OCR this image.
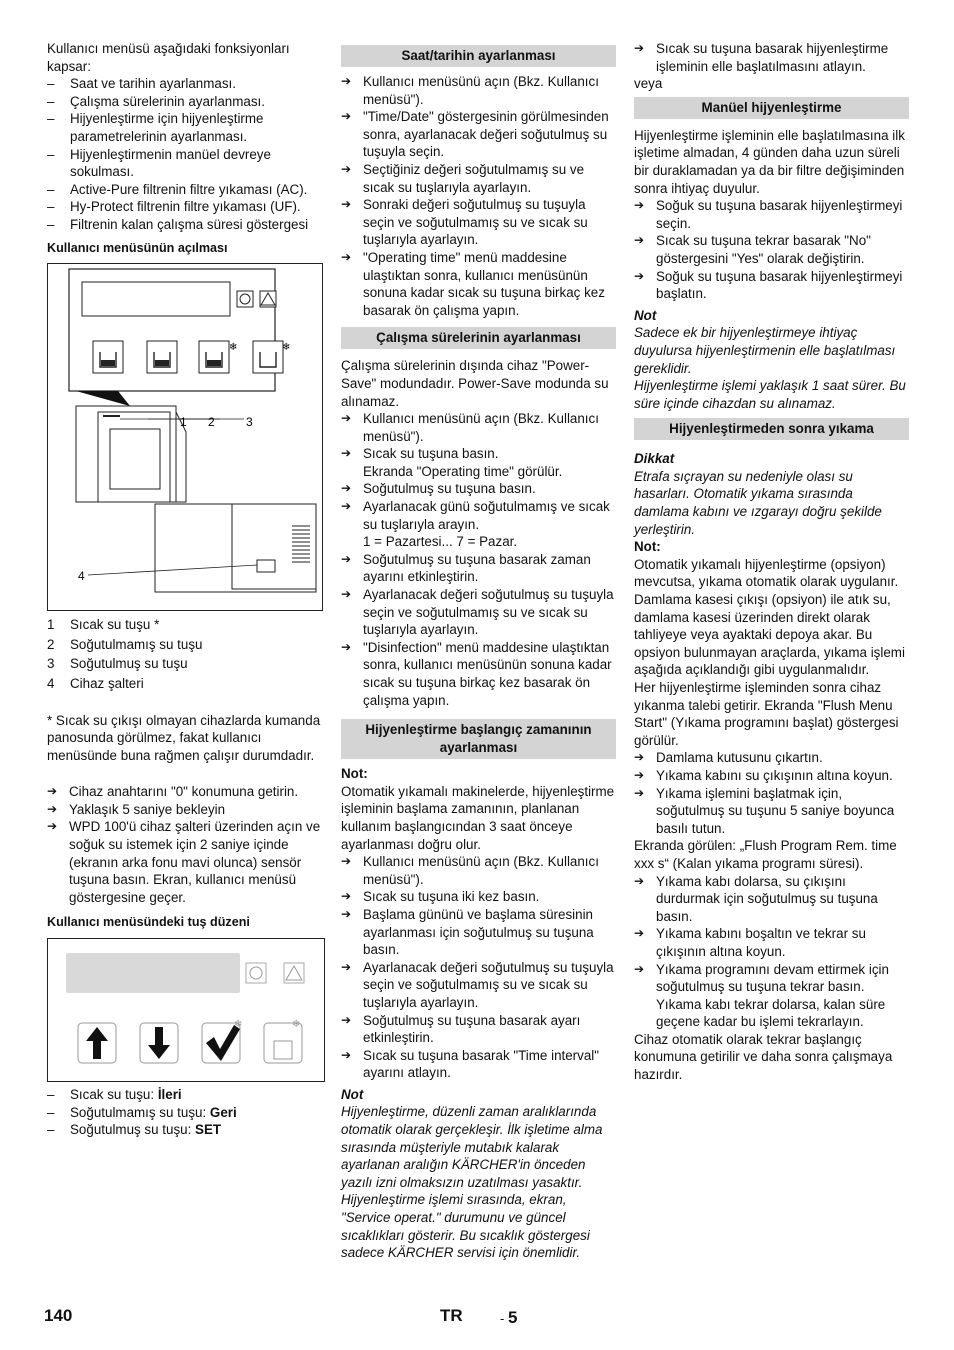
Kullanıcı menüsü aşağıdaki fonksiyonları kapsar:

– Saat ve tarihin ayarlanması.

– Çalışma sürelerinin ayarlanması.

– Hijyenleştirme için hijyenleştirme parametrelerinin ayarlanması.

– Hijyenleştirmenin manüel devreye sokulması.

– Active-Pure filtrenin filtre yıkaması (AC).

– Hy-Protect filtrenin filtre yıkaması (UF).

– Filtrenin kalan çalışma süresi göstergesi

Kullanıcı menüsünün açılması

❄	❄
1 2	3
4
1	Sıcak su tuşu *
2	Soğutulmamış su tuşu
3	Soğutulmuş su tuşu
4	Cihaz şalteri

* Sıcak su çıkışı olmayan cihazlarda kumanda panosunda görülmez, fakat kullanıcı menüsünde buna rağmen çalışır durumdadır.

➔ Cihaz anahtarını "0" konumuna getirin.

➔ Yaklaşık 5 saniye bekleyin

➔ WPD 100'ü cihaz şalteri üzerinden açın ve soğuk su istemek için 2 saniye içinde (ekranın arka fonu mavi olunca) sensör tuşuna basın. Ekran, kullanıcı menüsü göstergesine geçer.

Kullanıcı menüsündeki tuş düzeni

❄	❄

– Sıcak su tuşu: İleri

– Soğutulmamış su tuşu: Geri

– Soğutulmuş su tuşu: SET

Saat/tarihin ayarlanması

➔ Kullanıcı menüsünü açın (Bkz. Kullanıcı menüsü").

➔ "Time/Date" göstergesinin görülmesinden sonra, ayarlanacak değeri soğutulmuş su tuşuyla seçin.

➔ Seçtiğiniz değeri soğutulmamış su ve sıcak su tuşlarıyla ayarlayın.

➔ Sonraki değeri soğutulmuş su tuşuyla seçin ve soğutulmamış su ve sıcak su tuşlarıyla ayarlayın.

➔ "Operating time" menü maddesine ulaştıktan sonra, kullanıcı menüsünün sonuna kadar sıcak su tuşuna birkaç kez basarak ön çalışma yapın.

Çalışma sürelerinin ayarlanması

Çalışma sürelerinin dışında cihaz "Power-Save" modundadır. Power-Save modunda su alınamaz.

➔ Kullanıcı menüsünü açın (Bkz. Kullanıcı menüsü").

➔ Sıcak su tuşuna basın.

Ekranda "Operating time" görülür.

➔ Soğutulmuş su tuşuna basın.

➔ Ayarlanacak günü soğutulmamış ve sıcak su tuşlarıyla arayın.

1 = Pazartesi... 7 = Pazar.

➔ Soğutulmuş su tuşuna basarak zaman ayarını etkinleştirin.

➔ Ayarlanacak değeri soğutulmuş su tuşuyla seçin ve soğutulmamış su ve sıcak su tuşlarıyla ayarlayın.

➔ "Disinfection" menü maddesine ulaştıktan sonra, kullanıcı menüsünün sonuna kadar sıcak su tuşuna birkaç kez basarak ön çalışma yapın.

Hijyenleştirme başlangıç zamanının ayarlanması

Not:

Otomatik yıkamalı makinelerde, hijyenleştirme işleminin başlama zamanının, planlanan kullanım başlangıcından 3 saat önceye ayarlanması doğru olur.

➔ Kullanıcı menüsünü açın (Bkz. Kullanıcı menüsü").

➔ Sıcak su tuşuna iki kez basın.

➔ Başlama gününü ve başlama süresinin ayarlanması için soğutulmuş su tuşuna basın.

➔ Ayarlanacak değeri soğutulmuş su tuşuyla seçin ve soğutulmamış su ve sıcak su tuşlarıyla ayarlayın.

➔ Soğutulmuş su tuşuna basarak ayarı etkinleştirin.

➔ Sıcak su tuşuna basarak "Time interval" ayarını atlayın.

Not

Hijyenleştirme, düzenli zaman aralıklarında otomatik olarak gerçekleşir. İlk işletime alma sırasında müşteriyle mutabık kalarak ayarlanan aralığın KÄRCHER'in önceden yazılı izni olmaksızın uzatılması yasaktır. Hijyenleştirme işlemi sırasında, ekran, "Service operat." durumunu ve güncel sıcaklıkları gösterir. Bu sıcaklık göstergesi sadece KÄRCHER servisi için önemlidir.

➔ Sıcak su tuşuna basarak hijyenleştirme işleminin elle başlatılmasını atlayın.

veya

Manüel hijyenleştirme

Hijyenleştirme işleminin elle başlatılmasına ilk işletime almadan, 4 günden daha uzun süreli bir duraklamadan ya da bir filtre değişiminden sonra ihtiyaç duyulur.

➔ Soğuk su tuşuna basarak hijyenleştirmeyi seçin.

➔ Sıcak su tuşuna tekrar basarak "No" göstergesini "Yes" olarak değiştirin.

➔ Soğuk su tuşuna basarak hijyenleştirmeyi başlatın.

Not

Sadece ek bir hijyenleştirmeye ihtiyaç duyulursa hijyenleştirmenin elle başlatılması gereklidir.

Hijyenleştirme işlemi yaklaşık 1 saat sürer. Bu süre içinde cihazdan su alınamaz.

Hijyenleştirmeden sonra yıkama

Dikkat

Etrafa sıçrayan su nedeniyle olası su hasarları. Otomatik yıkama sırasında damlama kabını ve ızgarayı doğru şekilde yerleştirin.

Not:

Otomatik yıkamalı hijyenleştirme (opsiyon) mevcutsa, yıkama otomatik olarak uygulanır. Damlama kasesi çıkışı (opsiyon) ile atık su, damlama kasesi üzerinden direkt olarak tahliyeye veya ayaktaki depoya akar. Bu opsiyon bulunmayan araçlarda, yıkama işlemi aşağıda açıklandığı gibi uygulanmalıdır.

Her hijyenleştirme işleminden sonra cihaz yıkanma talebi getirir. Ekranda "Flush Menu Start" (Yıkama programını başlat) göstergesi görülür.

➔ Damlama kutusunu çıkartın.

➔ Yıkama kabını su çıkışının altına koyun.

➔ Yıkama işlemini başlatmak için, soğutulmuş su tuşunu 5 saniye boyunca basılı tutun.

Ekranda görülen: „Flush Program Rem. time xxx s“ (Kalan yıkama programı süresi).

➔ Yıkama kabı dolarsa, su çıkışını durdurmak için soğutulmuş su tuşuna basın.

➔ Yıkama kabını boşaltın ve tekrar su çıkışının altına koyun.

➔ Yıkama programını devam ettirmek için soğutulmuş su tuşuna tekrar basın. Yıkama kabı tekrar dolarsa, kalan süre geçene kadar bu işlemi tekrarlayın.

Cihaz otomatik olarak tekrar başlangıç konumuna getirilir ve daha sonra çalışmaya hazırdır.

140	TR	- 5
